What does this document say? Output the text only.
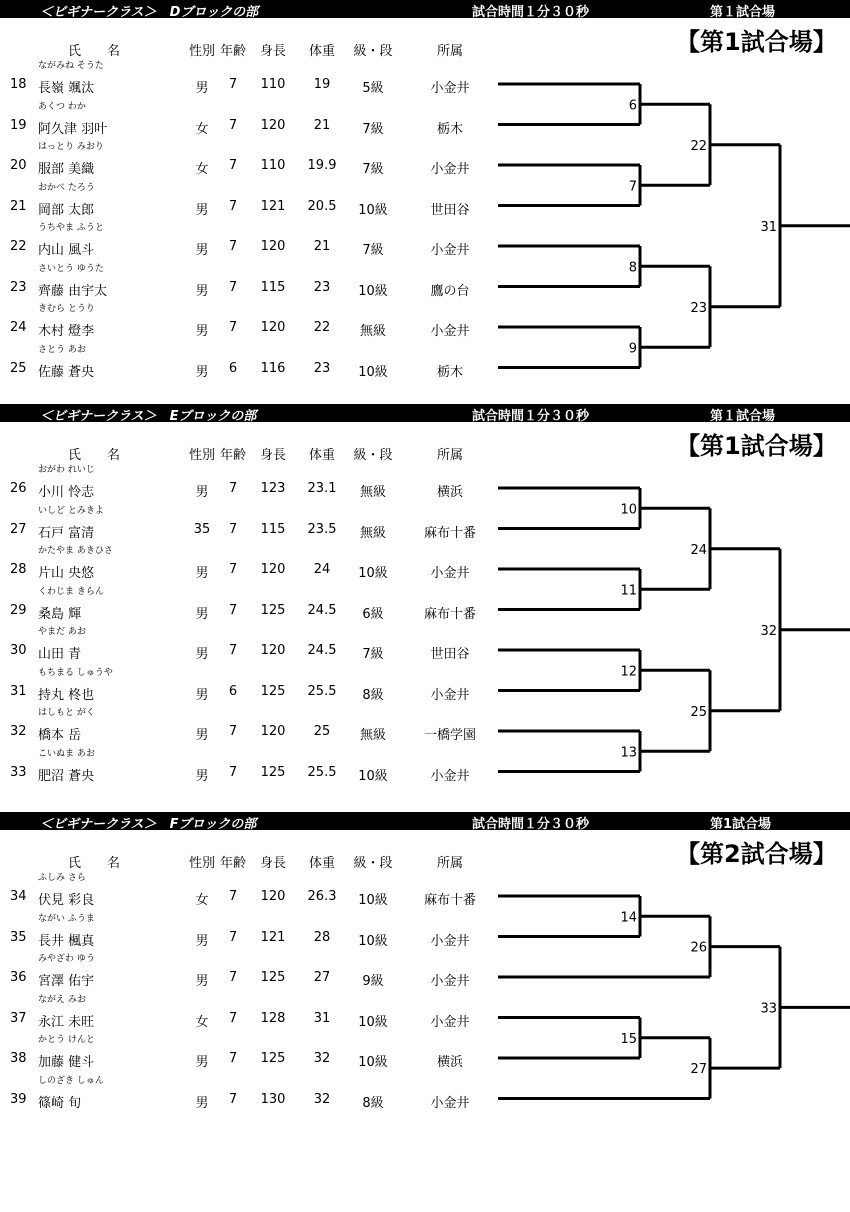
＜ビギナークラス＞　Dブロックの部	試合時間１分３０秒	第１試合場
【第1試合場】
氏　　名	性別 年齢 身長 体重 級・段	所属
ながみね そうた
18 長嶺 颯汰	男 7 110 19 5級	小金井
あくつ わか
19 阿久津 羽叶	女 7 120 21 7級	栃木
はっとり みおり
20 服部 美織	女 7 110 19.9 7級	小金井
おかべ たろう
21 岡部 太郎	男 7 121 20.5 10級	世田谷
うちやま ふうと
22 内山 風斗	男 7 120 21 7級	小金井
さいとう ゆうた
23 齊藤 由宇太	男 7 115 23 10級	鷹の台
きむら とうり
24 木村 燈李	男 7 120 22 無級	小金井
さとう あお
25 佐藤 蒼央	男 6 116 23 10級	栃木
6
7
8
9
22
23
31
＜ビギナークラス＞　Eブロックの部	試合時間１分３０秒	第１試合場
【第1試合場】
氏　　名	性別 年齢 身長 体重 級・段	所属
おがわ れいじ
26 小川 怜志	男 7 123 23.1 無級	横浜
いしど とみきよ
27 石戸 富清	35 7 115 23.5 無級	麻布十番
かたやま あきひさ
28 片山 央悠	男 7 120 24 10級	小金井
くわじま きらん
29 桑島 輝	男 7 125 24.5 6級	麻布十番
やまだ あお
30 山田 青	男 7 120 24.5 7級	世田谷
もちまる しゅうや
31 持丸 柊也	男 6 125 25.5 8級	小金井
はしもと がく
32 橋本 岳	男 7 120 25 無級	一橋学園
こいぬま あお
33 肥沼 蒼央	男 7 125 25.5 10級	小金井
10
11
12
13
24
25
32
＜ビギナークラス＞　Fブロックの部	試合時間１分３０秒	第1試合場
【第2試合場】
氏　　名	性別 年齢 身長 体重 級・段	所属
ふしみ さら
34 伏見 彩良	女 7 120 26.3 10級	麻布十番
ながい ふうま
35 長井 楓真	男 7 121 28 10級	小金井
みやざわ ゆう
36 宮澤 佑宇	男 7 125 27 9級	小金井
ながえ みお
37 永江 未旺	女 7 128 31 10級	小金井
かとう けんと
38 加藤 健斗	男 7 125 32 10級	横浜
しのざき しゅん
39 篠崎 旬	男 7 130 32 8級	小金井
14
15
26
27
33
